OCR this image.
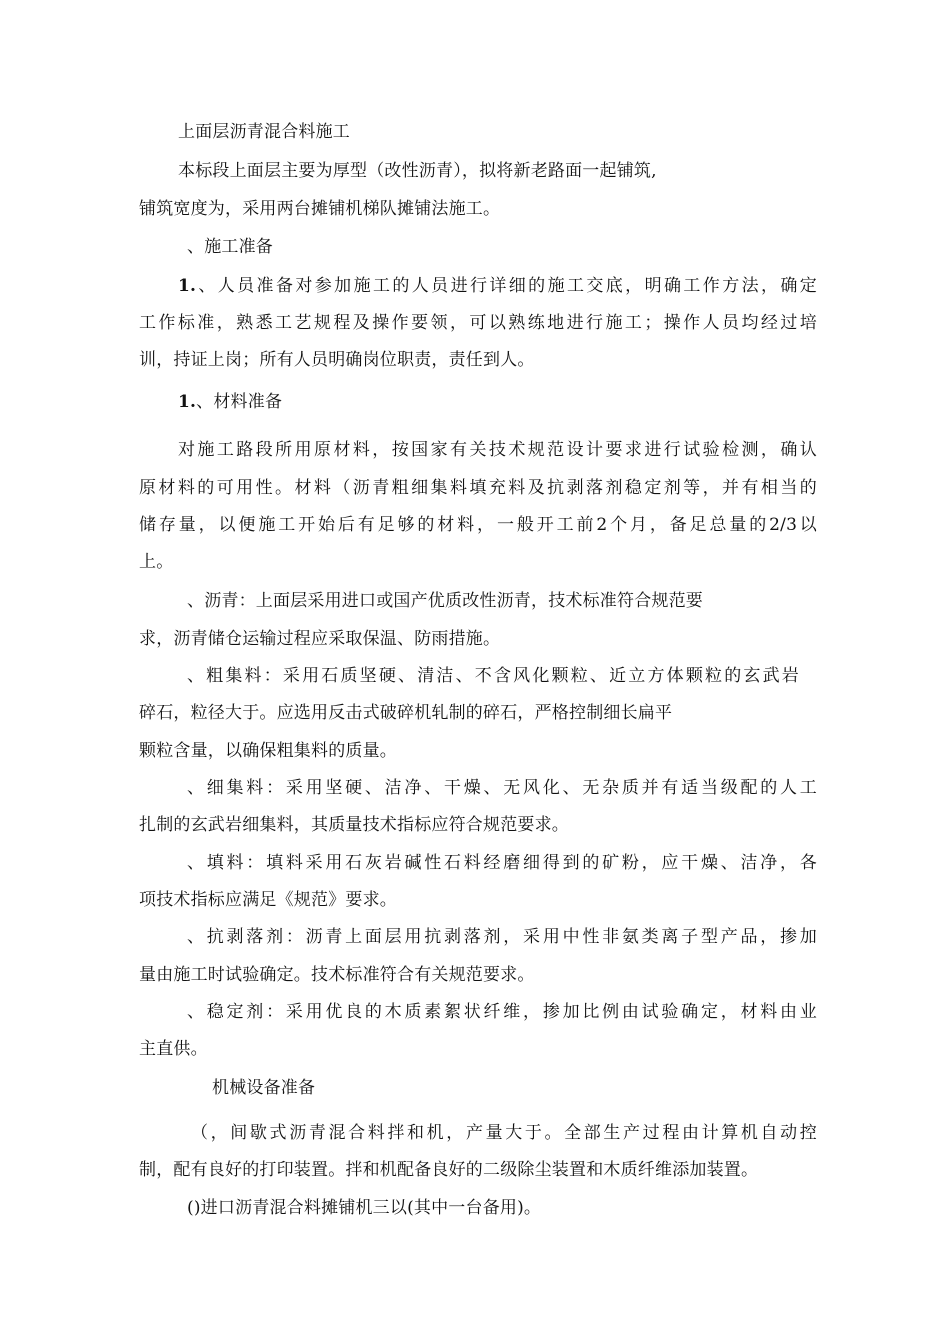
上面层沥青混合料施工
本标段上面层主要为厚型（改性沥青），拟将新老路面一起铺筑,
铺筑宽度为，采用两台摊铺机梯队摊铺法施工。
、施工准备
1.、人员准备对参加施工的人员进行详细的施工交底，明确工作方法，确定
工作标准，熟悉工艺规程及操作要领，可以熟练地进行施工；操作人员均经过培
训，持证上岗；所有人员明确岗位职责，责任到人。
1.、材料准备
对施工路段所用原材料，按国家有关技术规范设计要求进行试验检测，确认
原材料的可用性。材料（沥青粗细集料填充料及抗剥落剂稳定剂等，并有相当的
储存量，以便施工开始后有足够的材料，一般开工前2个月，备足总量的2/3以
上。
、沥青：上面层采用进口或国产优质改性沥青，技术标准符合规范要
求，沥青储仓运输过程应采取保温、防雨措施。
、粗集料：采用石质坚硬、清洁、不含风化颗粒、近立方体颗粒的玄武岩
碎石，粒径大于。应选用反击式破碎机轧制的碎石，严格控制细长扁平
颗粒含量，以确保粗集料的质量。
、细集料：采用坚硬、洁净、干燥、无风化、无杂质并有适当级配的人工
扎制的玄武岩细集料，其质量技术指标应符合规范要求。
、填料：填料采用石灰岩碱性石料经磨细得到的矿粉，应干燥、洁净，各
项技术指标应满足《规范》要求。
、抗剥落剂：沥青上面层用抗剥落剂，采用中性非氨类离子型产品，掺加
量由施工时试验确定。技术标准符合有关规范要求。
、稳定剂：采用优良的木质素絮状纤维，掺加比例由试验确定，材料由业
主直供。
机械设备准备
（，间歇式沥青混合料拌和机，产量大于。全部生产过程由计算机自动控
制，配有良好的打印装置。拌和机配备良好的二级除尘装置和木质纤维添加装置。
()进口沥青混合料摊铺机三以(其中一台备用)。
